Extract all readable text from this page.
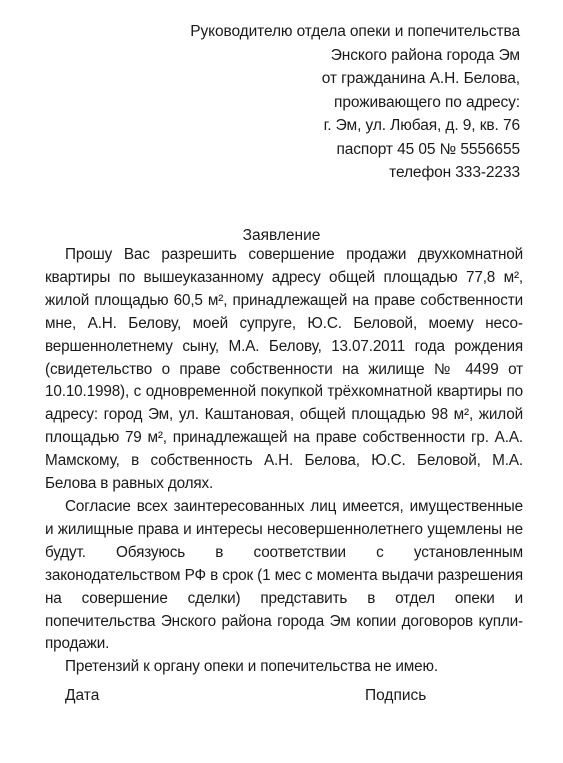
Руководителю отдела опеки и попечительства
Энского района города Эм
от гражданина А.Н. Белова,
проживающего по адресу:
г. Эм, ул. Любая, д. 9, кв. 76
паспорт 45 05 № 5556655
телефон 333-2233
Заявление

Прошу Вас разрешить совершение продажи двухкомнатной квартиры по вышеуказанному адресу общей площадью 77,8 м², жилой площадью 60,5 м², принадлежащей на праве собственности мне, А.Н. Белову, моей супруге, Ю.С. Беловой, моему несовершеннолетнему сыну, М.А. Белову, 13.07.2011 года рождения (свидетельство о праве собственности на жилище № 4499 от 10.10.1998), с одновременной покупкой трёхкомнатной квартиры по адресу: город Эм, ул. Каштановая, общей площадью 98 м², жилой площадью 79 м², принадлежащей на праве собственности гр. А.А. Мамскому, в собственность А.Н. Белова, Ю.С. Беловой, М.А. Белова в равных долях.

Согласие всех заинтересованных лиц имеется, имущественные и жилищные права и интересы несовершеннолетнего ущемлены не будут. Обязуюсь в соответствии с установленным законодательством РФ в срок (1 мес с момента выдачи разрешения на совершение сделки) представить в отдел опеки и попечительства Энского района города Эм копии договоров купли-продажи.

Претензий к органу опеки и попечительства не имею.

Дата	Подпись
